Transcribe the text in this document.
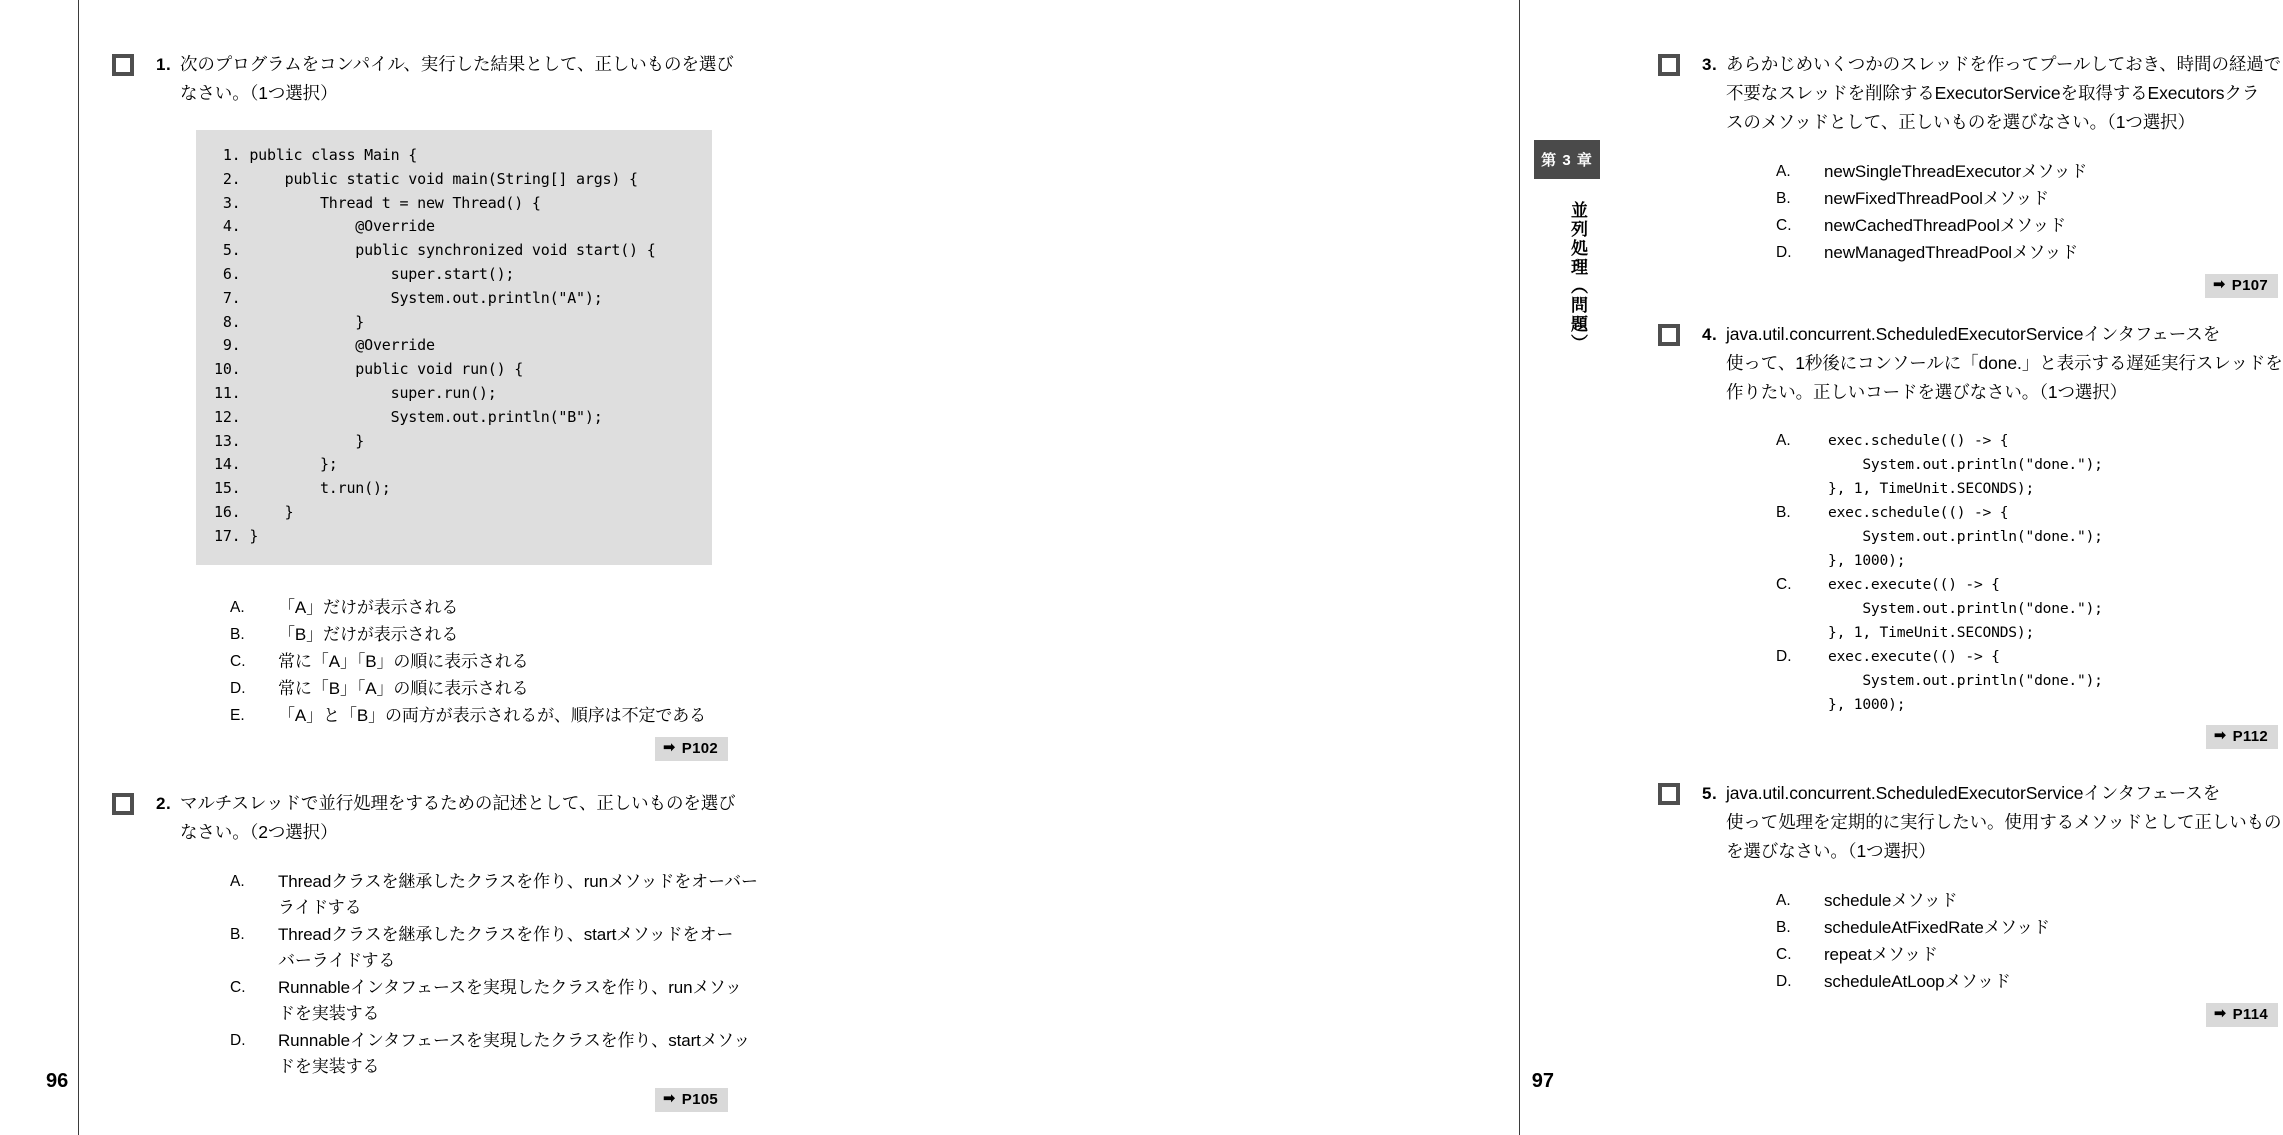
1. 次のプログラムをコンパイル、実行した結果として、正しいものを選び
なさい。（1つ選択）
1. public class Main {
2.     public static void main(String[] args) {
3.         Thread t = new Thread() {
4.             @Override
5.             public synchronized void start() {
6.                 super.start();
7.                 System.out.println("A");
8.             }
9.             @Override
10.             public void run() {
11.                 super.run();
12.                 System.out.println("B");
13.             }
14.         };
15.         t.run();
16.     }
17. }
A.	「A」だけが表示される
B.	「B」だけが表示される
C.	常に「A」「B」の順に表示される
D.	常に「B」「A」の順に表示される
E.	「A」と「B」の両方が表示されるが、順序は不定である
➡ P102
2. マルチスレッドで並行処理をするための記述として、正しいものを選び
なさい。（2つ選択）
A.	Threadクラスを継承したクラスを作り、runメソッドをオーバー
ライドする
B.	Threadクラスを継承したクラスを作り、startメソッドをオー
バーライドする
C.	Runnableインタフェースを実現したクラスを作り、runメソッ
ドを実装する
D.	Runnableインタフェースを実現したクラスを作り、startメソッ
ドを実装する
➡ P105
96
3. あらかじめいくつかのスレッドを作ってプールしておき、時間の経過で
不要なスレッドを削除するExecutorServiceを取得するExecutorsクラ
スのメソッドとして、正しいものを選びなさい。（1つ選択）
A.	newSingleThreadExecutorメソッド
B.	newFixedThreadPoolメソッド
C.	newCachedThreadPoolメソッド
D.	newManagedThreadPoolメソッド
➡ P107
4. java.util.concurrent.ScheduledExecutorServiceインタフェースを
使って、1秒後にコンソールに「done.」と表示する遅延実行スレッドを
作りたい。正しいコードを選びなさい。（1つ選択）
A.	exec.schedule(() -> {
System.out.println("done.");
}, 1, TimeUnit.SECONDS);
B.	exec.schedule(() -> {
System.out.println("done.");
}, 1000);
C.	exec.execute(() -> {
System.out.println("done.");
}, 1, TimeUnit.SECONDS);
D.	exec.execute(() -> {
System.out.println("done.");
}, 1000);
➡ P112
5. java.util.concurrent.ScheduledExecutorServiceインタフェースを
使って処理を定期的に実行したい。使用するメソッドとして正しいもの
を選びなさい。（1つ選択）
A.	scheduleメソッド
B.	scheduleAtFixedRateメソッド
C.	repeatメソッド
D.	scheduleAtLoopメソッド
➡ P114
97
第 3 章
並列処理（問題）
